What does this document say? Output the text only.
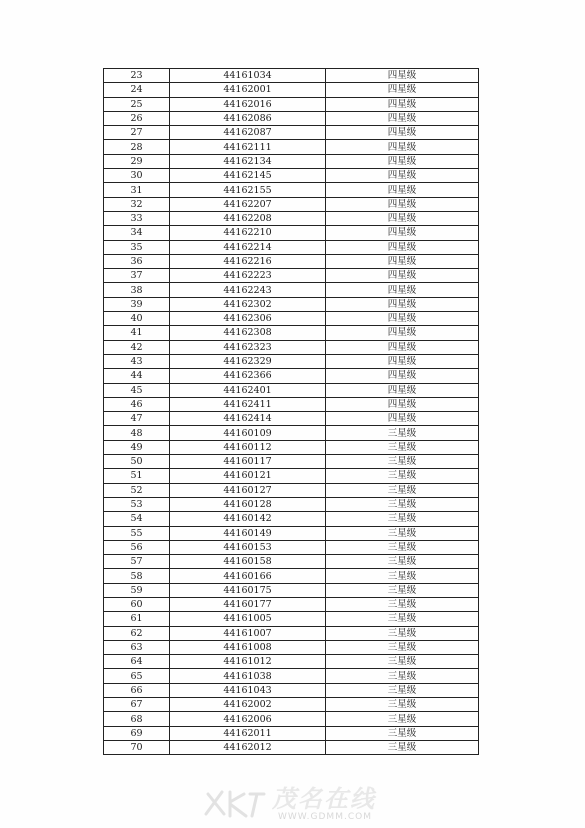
23	44161034	四星级
24	44162001	四星级
25	44162016	四星级
26	44162086	四星级
27	44162087	四星级
28	44162111	四星级
29	44162134	四星级
30	44162145	四星级
31	44162155	四星级
32	44162207	四星级
33	44162208	四星级
34	44162210	四星级
35	44162214	四星级
36	44162216	四星级
37	44162223	四星级
38	44162243	四星级
39	44162302	四星级
40	44162306	四星级
41	44162308	四星级
42	44162323	四星级
43	44162329	四星级
44	44162366	四星级
45	44162401	四星级
46	44162411	四星级
47	44162414	四星级
48	44160109	三星级
49	44160112	三星级
50	44160117	三星级
51	44160121	三星级
52	44160127	三星级
53	44160128	三星级
54	44160142	三星级
55	44160149	三星级
56	44160153	三星级
57	44160158	三星级
58	44160166	三星级
59	44160175	三星级
60	44160177	三星级
61	44161005	三星级
62	44161007	三星级
63	44161008	三星级
64	44161012	三星级
65	44161038	三星级
66	44161043	三星级
67	44162002	三星级
68	44162006	三星级
69	44162011	三星级
70	44162012	三星级
茂名在线
WWW.GDMM.COM
